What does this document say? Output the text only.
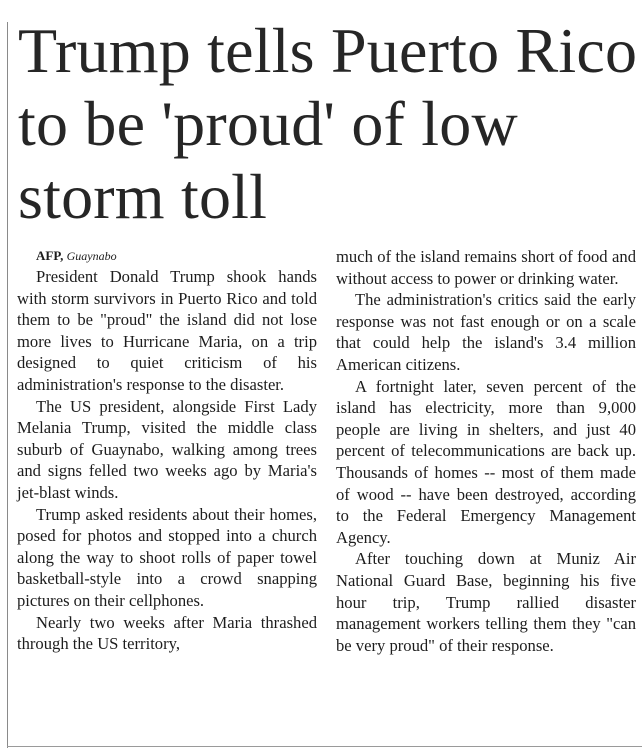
Trump tells Puerto Rico to be 'proud' of low storm toll

AFP, Guaynabo

President Donald Trump shook hands with storm survivors in Puerto Rico and told them to be "proud" the island did not lose more lives to Hurricane Maria, on a trip designed to quiet criticism of his administration's response to the disaster.

The US president, alongside First Lady Melania Trump, visited the middle class suburb of Guaynabo, walking among trees and signs felled two weeks ago by Maria's jet-blast winds.

Trump asked residents about their homes, posed for photos and stopped into a church along the way to shoot rolls of paper towel basketball-style into a crowd snapping pictures on their cellphones.

Nearly two weeks after Maria thrashed through the US territory,

much of the island remains short of food and without access to power or drinking water.

The administration's critics said the early response was not fast enough or on a scale that could help the island's 3.4 million American citizens.

A fortnight later, seven percent of the island has electricity, more than 9,000 people are living in shelters, and just 40 percent of telecommunications are back up. Thousands of homes -- most of them made of wood -- have been destroyed, according to the Federal Emergency Management Agency.

After touching down at Muniz Air National Guard Base, beginning his five hour trip, Trump rallied disaster management workers telling them they "can be very proud" of their response.
